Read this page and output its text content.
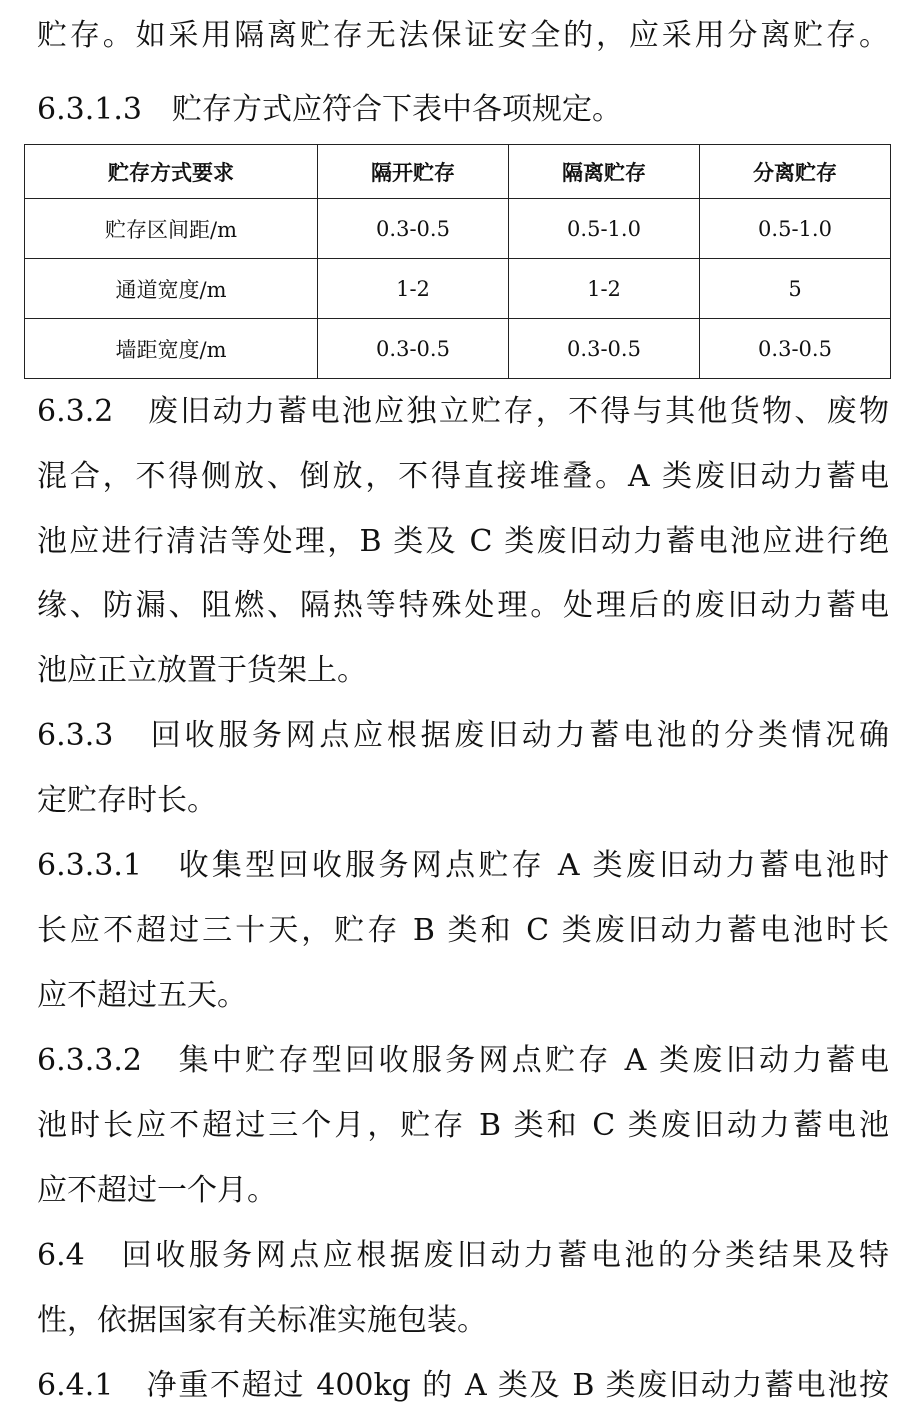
贮存。如采用隔离贮存无法保证安全的，应采用分离贮存。
6.3.1.3　贮存方式应符合下表中各项规定。
贮存方式要求	隔开贮存	隔离贮存	分离贮存
贮存区间距/m	0.3-0.5	0.5-1.0	0.5-1.0
通道宽度/m	1-2	1-2	5
墙距宽度/m	0.3-0.5	0.3-0.5	0.3-0.5
6.3.2　废旧动力蓄电池应独立贮存，不得与其他货物、废物
混合，不得侧放、倒放，不得直接堆叠。A 类废旧动力蓄电
池应进行清洁等处理，B 类及 C 类废旧动力蓄电池应进行绝
缘、防漏、阻燃、隔热等特殊处理。处理后的废旧动力蓄电
池应正立放置于货架上。
6.3.3　回收服务网点应根据废旧动力蓄电池的分类情况确
定贮存时长。
6.3.3.1　收集型回收服务网点贮存 A 类废旧动力蓄电池时
长应不超过三十天，贮存 B 类和 C 类废旧动力蓄电池时长
应不超过五天。
6.3.3.2　集中贮存型回收服务网点贮存 A 类废旧动力蓄电
池时长应不超过三个月，贮存 B 类和 C 类废旧动力蓄电池
应不超过一个月。
6.4　回收服务网点应根据废旧动力蓄电池的分类结果及特
性，依据国家有关标准实施包装。
6.4.1　净重不超过 400kg 的 A 类及 B 类废旧动力蓄电池按
